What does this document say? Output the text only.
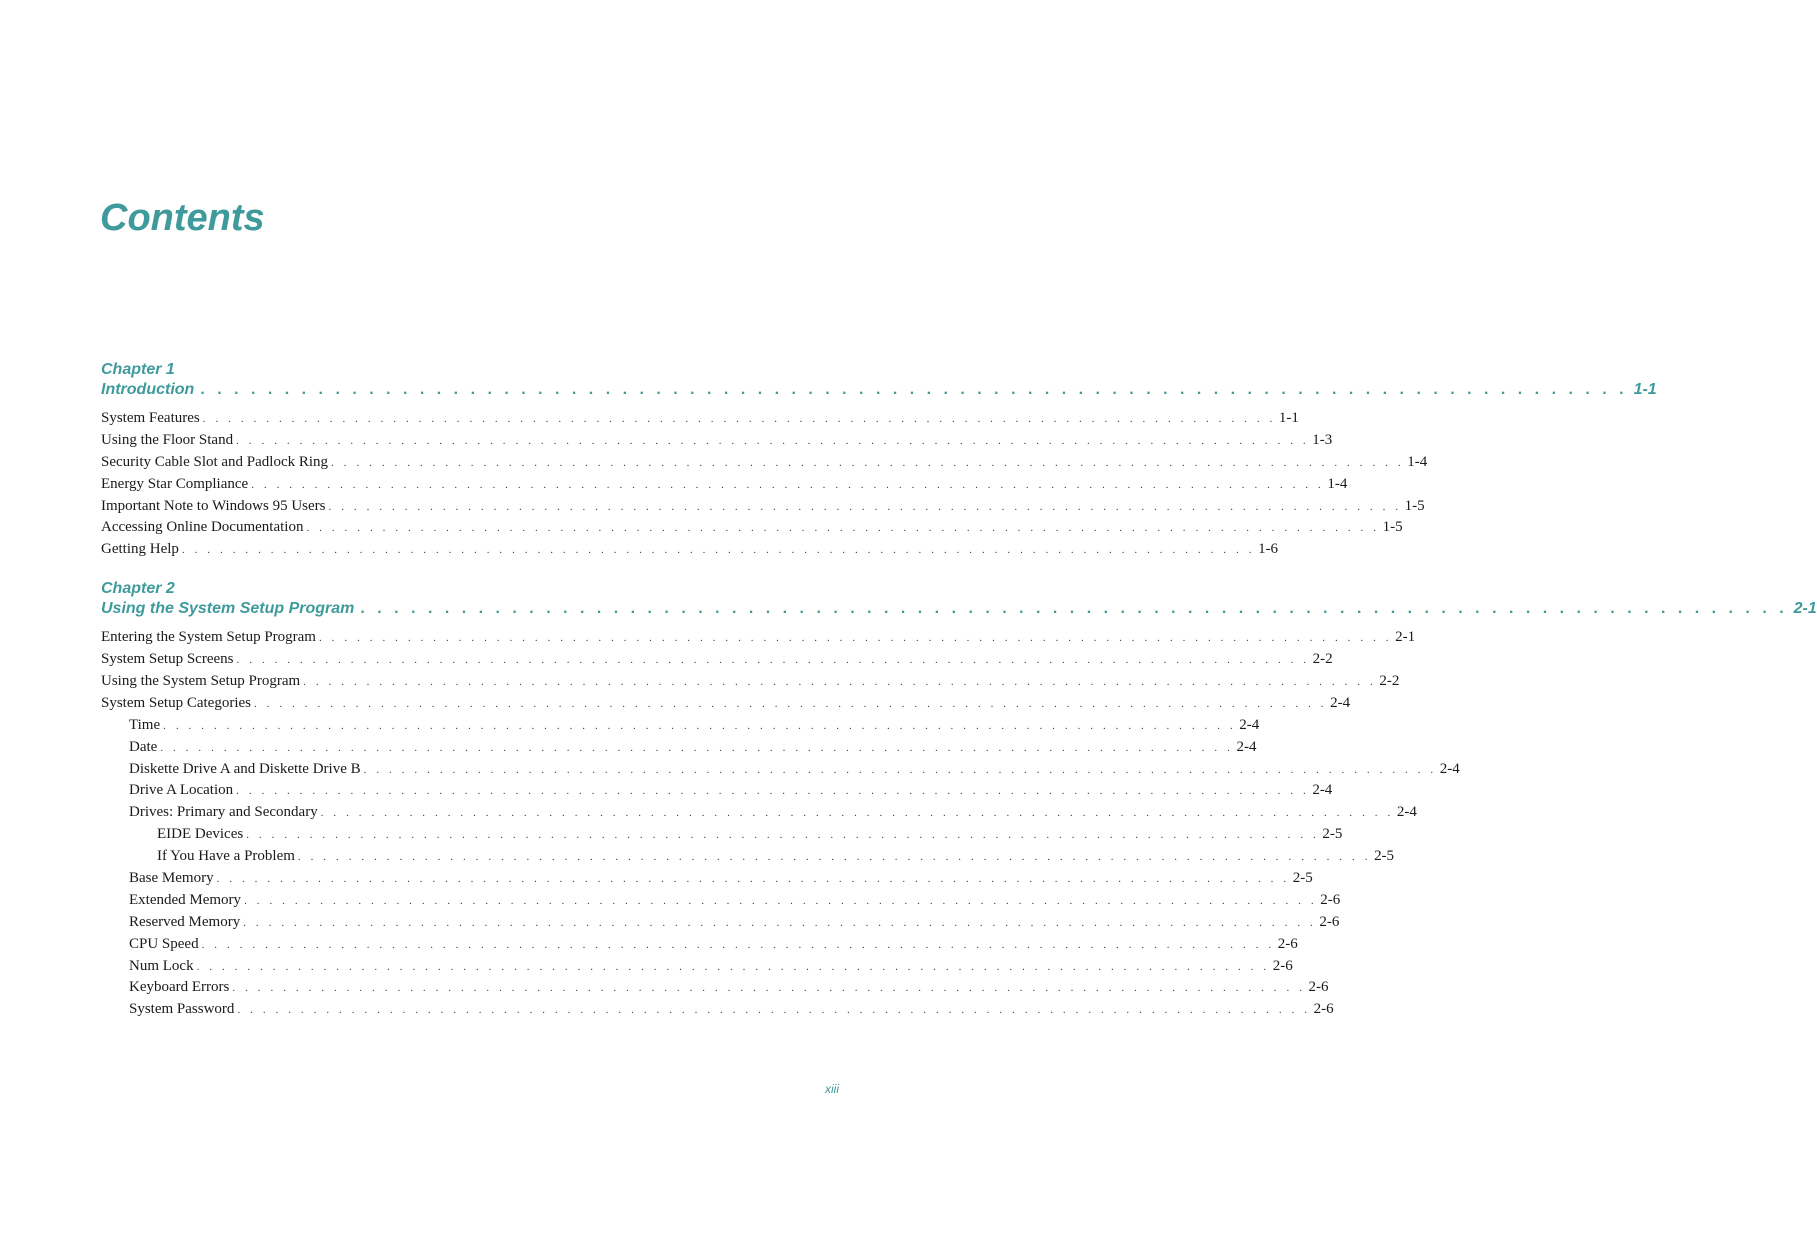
Contents
Chapter 1
Introduction . . . . . . . . . . . . . . . . . . . . . . . . . . . . . . . . . . . . . . . . . . . . . . . . . . . . . . . . . . . . . . . . . . . . . . . . . . . . . . . . . . . . . 1-1
System Features . . . . . . . . . . . . . . . . . . . . . . . . . . . . . . . . . . . . . . . . . . . . . . . . . . . . . . . . . . . . . . . . . . . . . . . . . . . . . . . . . . . . . 1-1
Using the Floor Stand . . . . . . . . . . . . . . . . . . . . . . . . . . . . . . . . . . . . . . . . . . . . . . . . . . . . . . . . . . . . . . . . . . . . . . . . . . . . . . . . . . . . . 1-3
Security Cable Slot and Padlock Ring . . . . . . . . . . . . . . . . . . . . . . . . . . . . . . . . . . . . . . . . . . . . . . . . . . . . . . . . . . . . . . . . . . . . . . . . . . . . . . . . . . . . . 1-4
Energy Star Compliance . . . . . . . . . . . . . . . . . . . . . . . . . . . . . . . . . . . . . . . . . . . . . . . . . . . . . . . . . . . . . . . . . . . . . . . . . . . . . . . . . . . . . 1-4
Important Note to Windows 95 Users . . . . . . . . . . . . . . . . . . . . . . . . . . . . . . . . . . . . . . . . . . . . . . . . . . . . . . . . . . . . . . . . . . . . . . . . . . . . . . . . . . . . . 1-5
Accessing Online Documentation . . . . . . . . . . . . . . . . . . . . . . . . . . . . . . . . . . . . . . . . . . . . . . . . . . . . . . . . . . . . . . . . . . . . . . . . . . . . . . . . . . . . . 1-5
Getting Help . . . . . . . . . . . . . . . . . . . . . . . . . . . . . . . . . . . . . . . . . . . . . . . . . . . . . . . . . . . . . . . . . . . . . . . . . . . . . . . . . . . . . 1-6
Chapter 2
Using the System Setup Program . . . . . . . . . . . . . . . . . . . . . . . . . . . . . . . . . . . . . . . . . . . . . . . . . . . . . . . . . . . . . . . . . . . . . . . . . . . . . . . . . . . . . 2-1
Entering the System Setup Program . . . . . . . . . . . . . . . . . . . . . . . . . . . . . . . . . . . . . . . . . . . . . . . . . . . . . . . . . . . . . . . . . . . . . . . . . . . . . . . . . . . . . 2-1
System Setup Screens . . . . . . . . . . . . . . . . . . . . . . . . . . . . . . . . . . . . . . . . . . . . . . . . . . . . . . . . . . . . . . . . . . . . . . . . . . . . . . . . . . . . . 2-2
Using the System Setup Program . . . . . . . . . . . . . . . . . . . . . . . . . . . . . . . . . . . . . . . . . . . . . . . . . . . . . . . . . . . . . . . . . . . . . . . . . . . . . . . . . . . . . 2-2
System Setup Categories . . . . . . . . . . . . . . . . . . . . . . . . . . . . . . . . . . . . . . . . . . . . . . . . . . . . . . . . . . . . . . . . . . . . . . . . . . . . . . . . . . . . . 2-4
Time . . . . . . . . . . . . . . . . . . . . . . . . . . . . . . . . . . . . . . . . . . . . . . . . . . . . . . . . . . . . . . . . . . . . . . . . . . . . . . . . . . . . . 2-4
Date . . . . . . . . . . . . . . . . . . . . . . . . . . . . . . . . . . . . . . . . . . . . . . . . . . . . . . . . . . . . . . . . . . . . . . . . . . . . . . . . . . . . . 2-4
Diskette Drive A and Diskette Drive B . . . . . . . . . . . . . . . . . . . . . . . . . . . . . . . . . . . . . . . . . . . . . . . . . . . . . . . . . . . . . . . . . . . . . . . . . . . . . . . . . . . . . 2-4
Drive A Location . . . . . . . . . . . . . . . . . . . . . . . . . . . . . . . . . . . . . . . . . . . . . . . . . . . . . . . . . . . . . . . . . . . . . . . . . . . . . . . . . . . . . 2-4
Drives: Primary and Secondary . . . . . . . . . . . . . . . . . . . . . . . . . . . . . . . . . . . . . . . . . . . . . . . . . . . . . . . . . . . . . . . . . . . . . . . . . . . . . . . . . . . . . 2-4
EIDE Devices . . . . . . . . . . . . . . . . . . . . . . . . . . . . . . . . . . . . . . . . . . . . . . . . . . . . . . . . . . . . . . . . . . . . . . . . . . . . . . . . . . . . . 2-5
If You Have a Problem . . . . . . . . . . . . . . . . . . . . . . . . . . . . . . . . . . . . . . . . . . . . . . . . . . . . . . . . . . . . . . . . . . . . . . . . . . . . . . . . . . . . . 2-5
Base Memory . . . . . . . . . . . . . . . . . . . . . . . . . . . . . . . . . . . . . . . . . . . . . . . . . . . . . . . . . . . . . . . . . . . . . . . . . . . . . . . . . . . . . 2-5
Extended Memory . . . . . . . . . . . . . . . . . . . . . . . . . . . . . . . . . . . . . . . . . . . . . . . . . . . . . . . . . . . . . . . . . . . . . . . . . . . . . . . . . . . . . 2-6
Reserved Memory . . . . . . . . . . . . . . . . . . . . . . . . . . . . . . . . . . . . . . . . . . . . . . . . . . . . . . . . . . . . . . . . . . . . . . . . . . . . . . . . . . . . . 2-6
CPU Speed . . . . . . . . . . . . . . . . . . . . . . . . . . . . . . . . . . . . . . . . . . . . . . . . . . . . . . . . . . . . . . . . . . . . . . . . . . . . . . . . . . . . . 2-6
Num Lock . . . . . . . . . . . . . . . . . . . . . . . . . . . . . . . . . . . . . . . . . . . . . . . . . . . . . . . . . . . . . . . . . . . . . . . . . . . . . . . . . . . . . 2-6
Keyboard Errors . . . . . . . . . . . . . . . . . . . . . . . . . . . . . . . . . . . . . . . . . . . . . . . . . . . . . . . . . . . . . . . . . . . . . . . . . . . . . . . . . . . . . 2-6
System Password . . . . . . . . . . . . . . . . . . . . . . . . . . . . . . . . . . . . . . . . . . . . . . . . . . . . . . . . . . . . . . . . . . . . . . . . . . . . . . . . . . . . . 2-6
xiii
